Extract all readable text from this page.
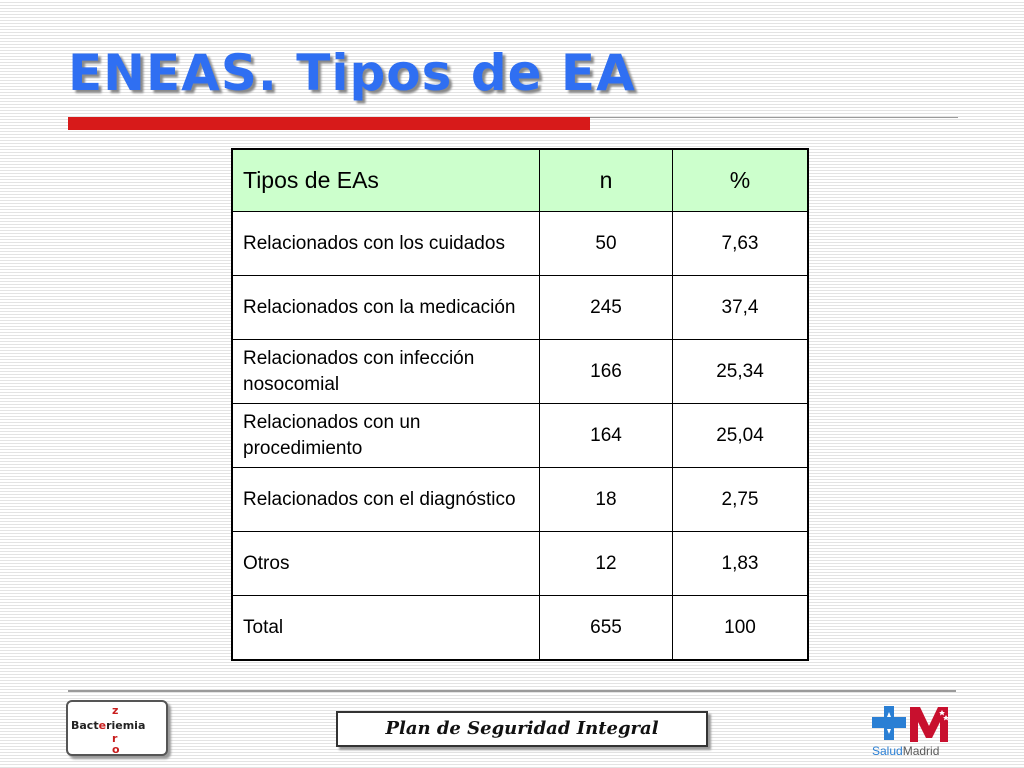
ENEAS. Tipos de EA
Tipos de EAs	n	%
Relacionados con los cuidados	50	7,63
Relacionados con la medicación	245	37,4
Relacionados con infección nosocomial	166	25,34
Relacionados con un procedimiento	164	25,04
Relacionados con el diagnóstico	18	2,75
Otros	12	1,83
Total	655	100
z
Bacteriemia
r
o
Plan de Seguridad Integral
SaludMadrid
